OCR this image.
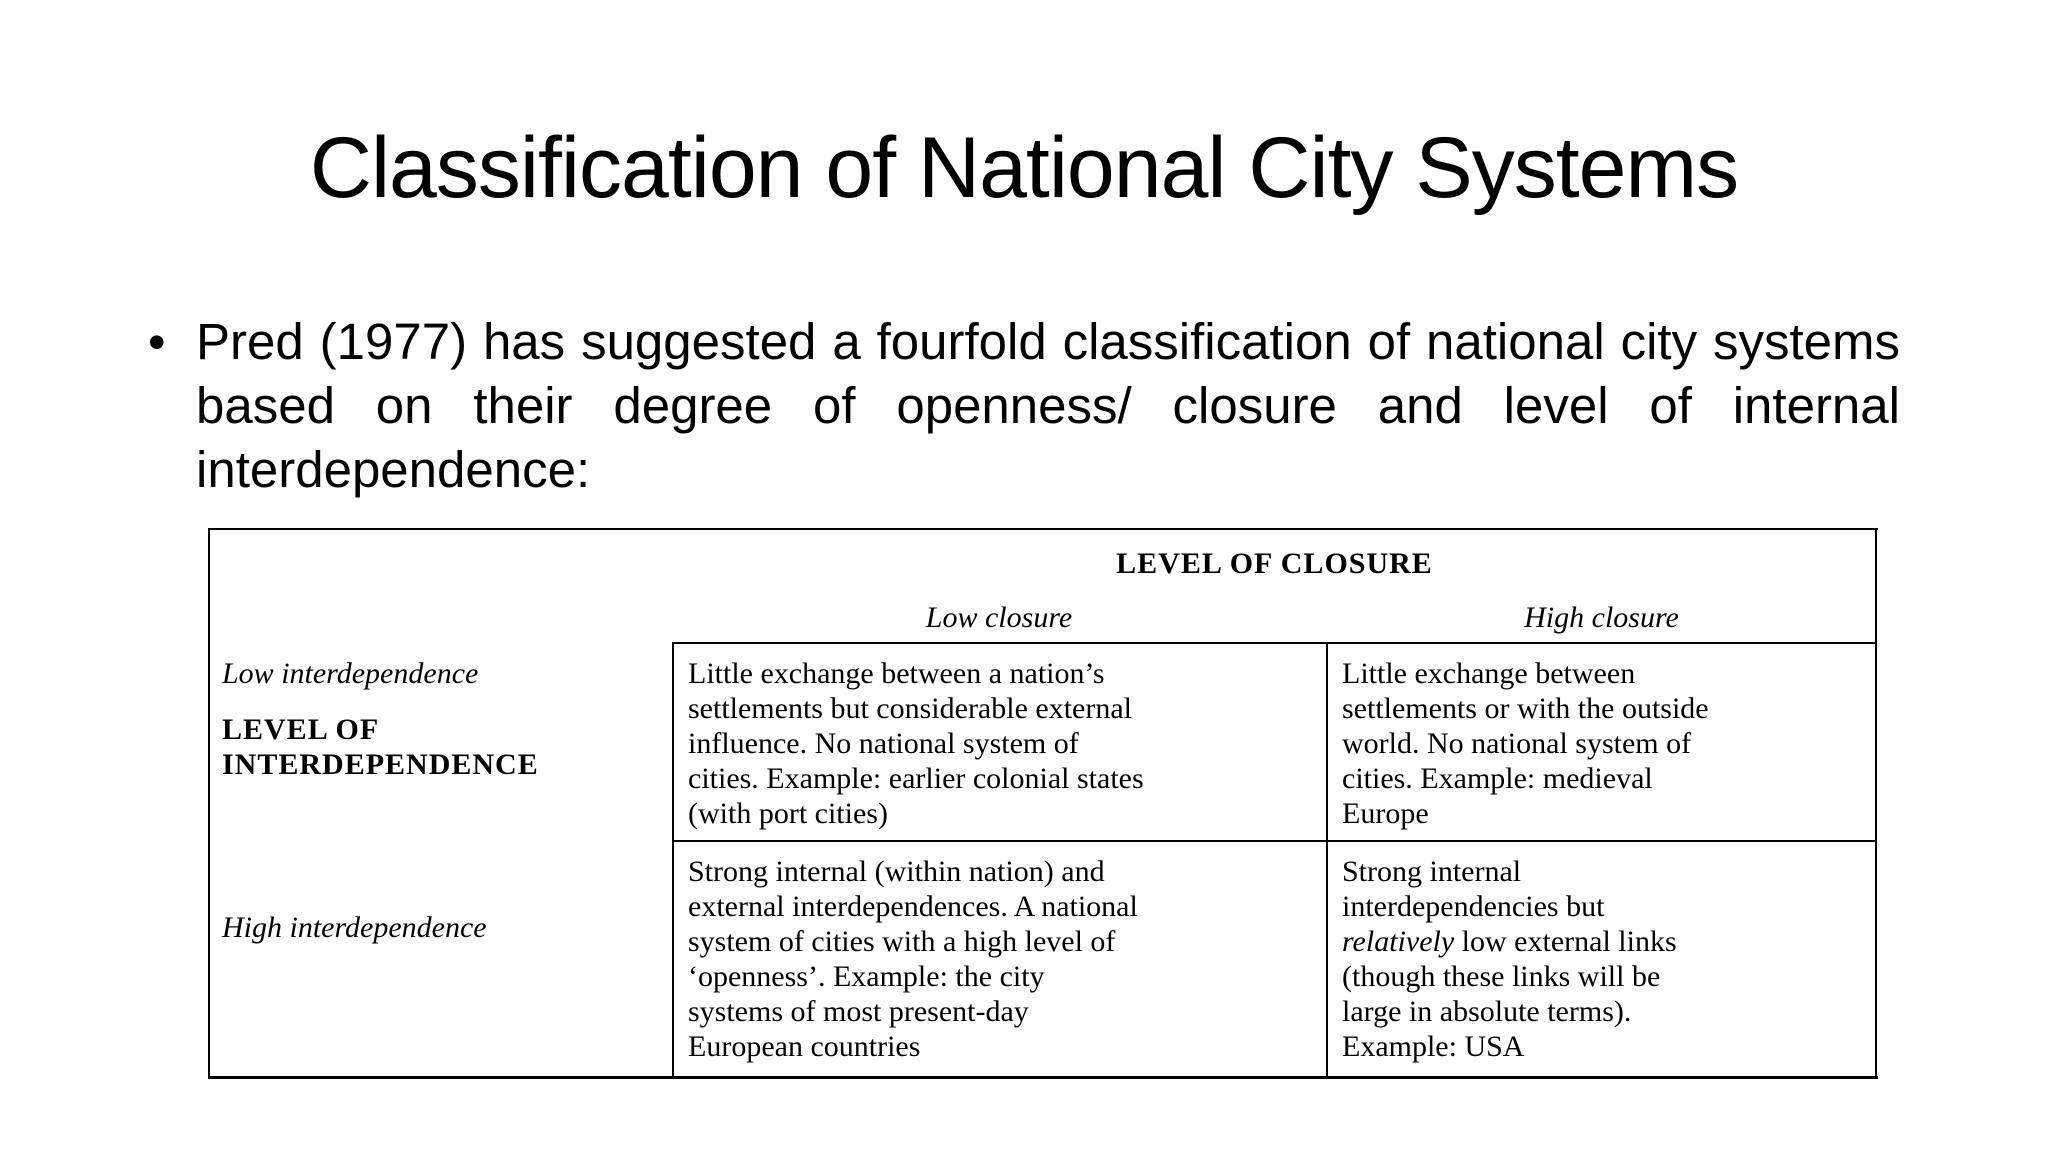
Classification of National City Systems
• Pred (1977) has suggested a fourfold classification of national city systems based on their degree of openness/ closure and level of internal interdependence:
LEVEL OF CLOSURE
Low closure	High closure
Low interdependence
LEVEL OF
INTERDEPENDENCE
High interdependence
Little exchange between a nation’s
settlements but considerable external
influence. No national system of
cities. Example: earlier colonial states
(with port cities)
Little exchange between
settlements or with the outside
world. No national system of
cities. Example: medieval
Europe
Strong internal (within nation) and
external interdependences. A national
system of cities with a high level of
‘openness’. Example: the city
systems of most present-day
European countries
Strong internal
interdependencies but
relatively low external links
(though these links will be
large in absolute terms).
Example: USA
